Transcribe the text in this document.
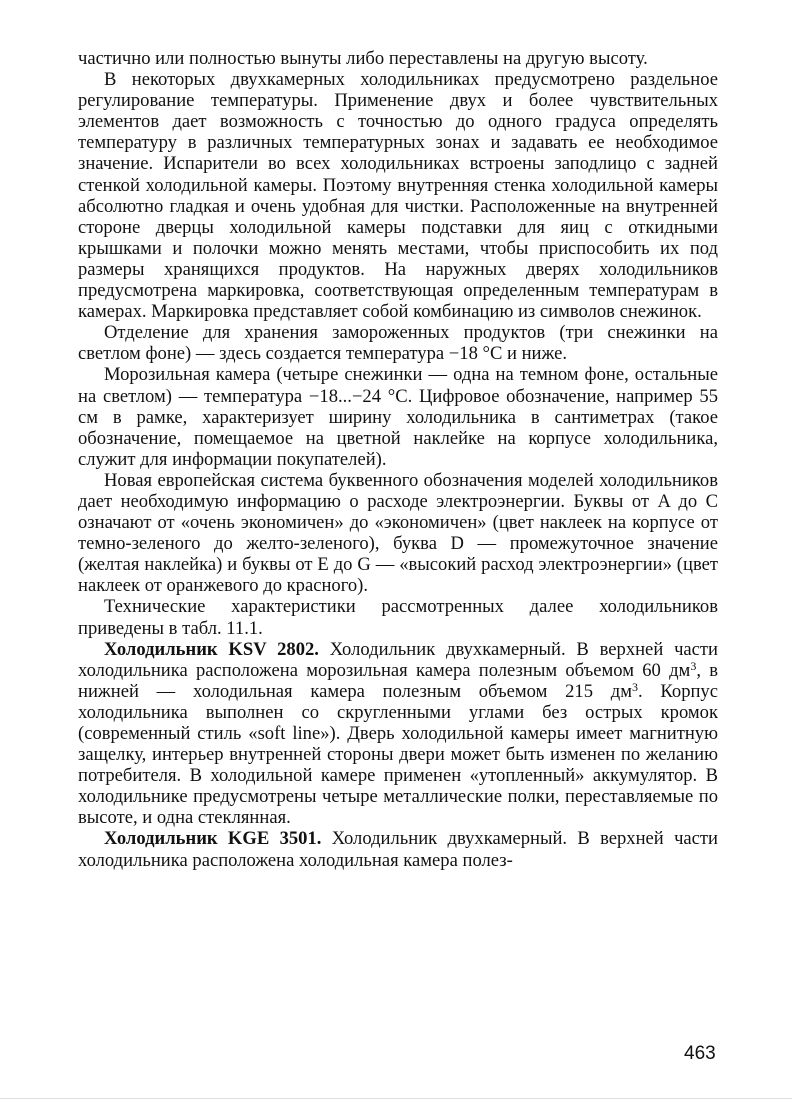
частично или полностью вынуты либо переставлены на другую высоту.

В некоторых двухкамерных холодильниках предусмотрено раздельное регулирование температуры. Применение двух и более чувствительных элементов дает возможность с точностью до одного градуса определять температуру в различных температурных зонах и задавать ее необходимое значение. Испарители во всех холодильниках встроены заподлицо с задней стенкой холодильной камеры. Поэтому внутренняя стенка холодильной камеры абсолютно гладкая и очень удобная для чистки. Расположенные на внутренней стороне дверцы холодильной камеры подставки для яиц с откидными крышками и полочки можно менять местами, чтобы приспособить их под размеры хранящихся продуктов. На наружных дверях холодильников предусмотрена маркировка, соответствующая определенным температурам в камерах. Маркировка представляет собой комбинацию из символов снежинок.

Отделение для хранения замороженных продуктов (три снежинки на светлом фоне) — здесь создается температура −18 °C и ниже.

Морозильная камера (четыре снежинки — одна на темном фоне, остальные на светлом) — температура −18...−24 °C. Цифровое обозначение, например 55 см в рамке, характеризует ширину холодильника в сантиметрах (такое обозначение, помещаемое на цветной наклейке на корпусе холодильника, служит для информации покупателей).

Новая европейская система буквенного обозначения моделей холодильников дает необходимую информацию о расходе электроэнергии. Буквы от A до C означают от «очень экономичен» до «экономичен» (цвет наклеек на корпусе от темно-зеленого до желто-зеленого), буква D — промежуточное значение (желтая наклейка) и буквы от E до G — «высокий расход электроэнергии» (цвет наклеек от оранжевого до красного).

Технические характеристики рассмотренных далее холодильников приведены в табл. 11.1.

Холодильник KSV 2802. Холодильник двухкамерный. В верхней части холодильника расположена морозильная камера полезным объемом 60 $дм^3$, в нижней — холодильная камера полезным объемом 215 $дм^3$. Корпус холодильника выполнен со скругленными углами без острых кромок (современный стиль «soft line»). Дверь холодильной камеры имеет магнитную защелку, интерьер внутренней стороны двери может быть изменен по желанию потребителя. В холодильной камере применен «утопленный» аккумулятор. В холодильнике предусмотрены четыре металлические полки, переставляемые по высоте, и одна стеклянная.

Холодильник KGE 3501. Холодильник двухкамерный. В верхней части холодильника расположена холодильная камера полез-

463
